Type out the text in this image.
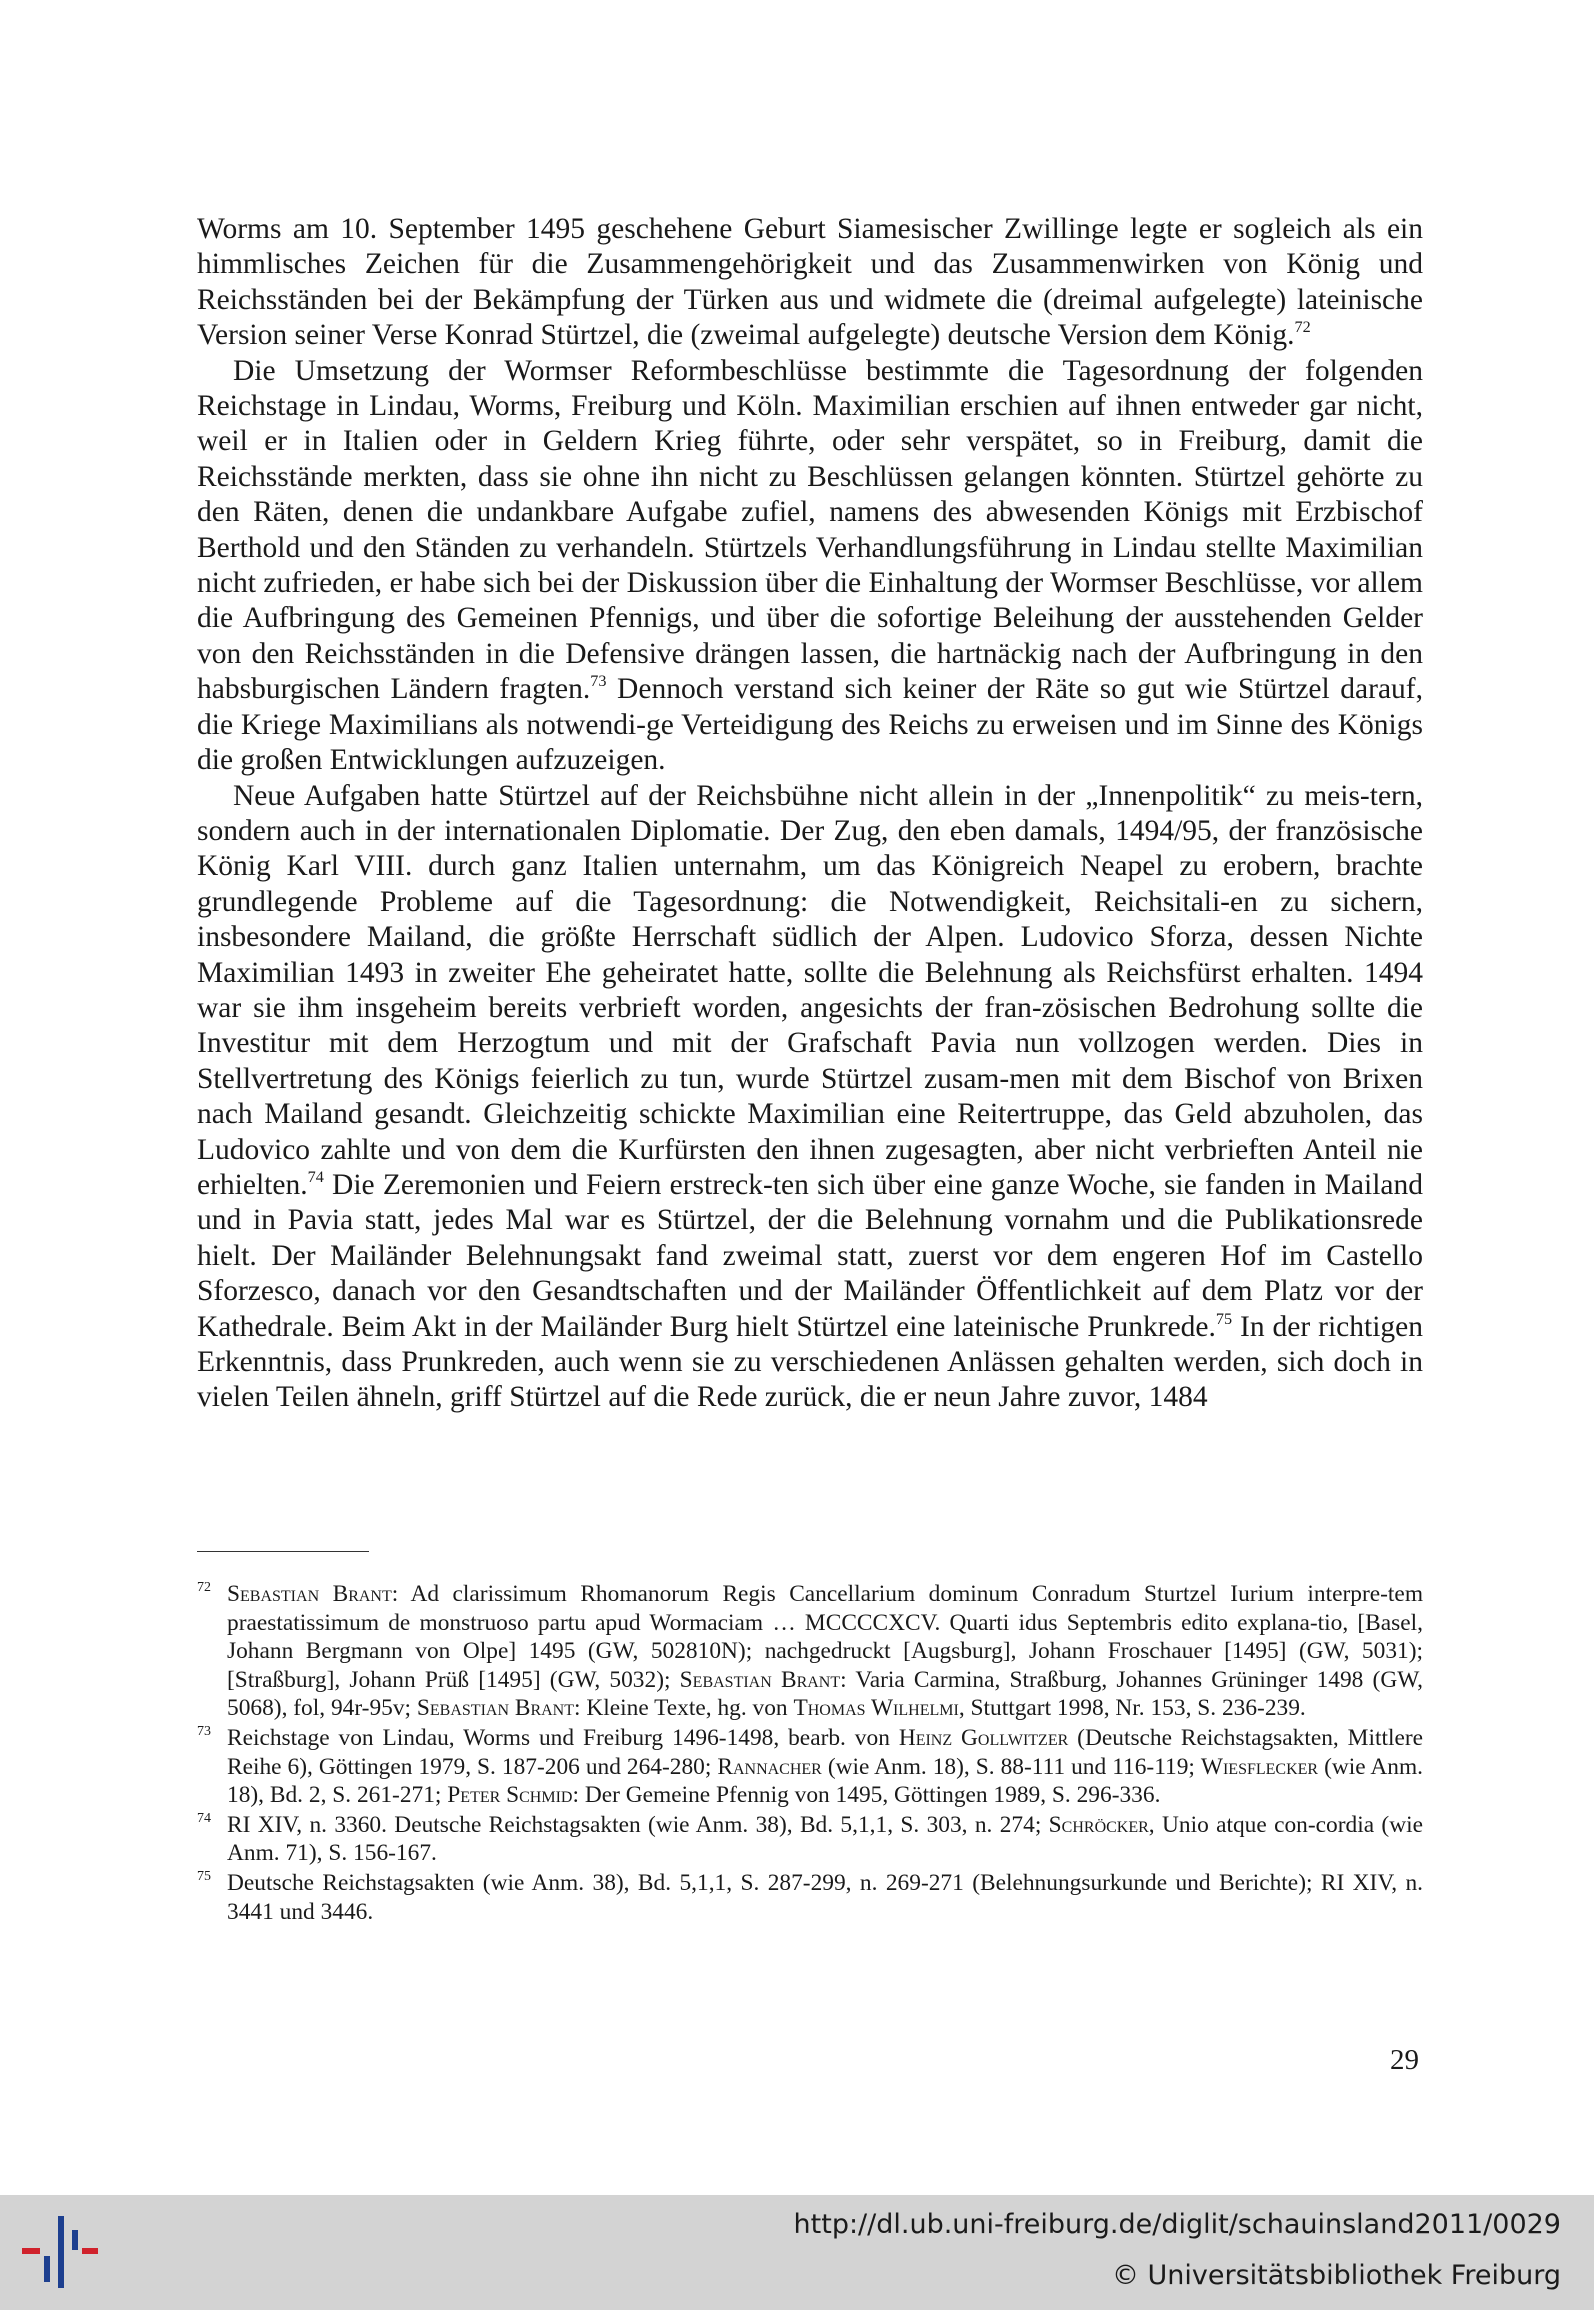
Worms am 10. September 1495 geschehene Geburt Siamesischer Zwillinge legte er sogleich als ein himmlisches Zeichen für die Zusammengehörigkeit und das Zusammenwirken von König und Reichsständen bei der Bekämpfung der Türken aus und widmete die (dreimal aufgelegte) lateinische Version seiner Verse Konrad Stürtzel, die (zweimal aufgelegte) deutsche Version dem König.$^{72}$

Die Umsetzung der Wormser Reformbeschlüsse bestimmte die Tagesordnung der folgenden Reichstage in Lindau, Worms, Freiburg und Köln. Maximilian erschien auf ihnen entweder gar nicht, weil er in Italien oder in Geldern Krieg führte, oder sehr verspätet, so in Freiburg, damit die Reichsstände merkten, dass sie ohne ihn nicht zu Beschlüssen gelangen könnten. Stürtzel gehörte zu den Räten, denen die undankbare Aufgabe zufiel, namens des abwesenden Königs mit Erzbischof Berthold und den Ständen zu verhandeln. Stürtzels Verhandlungsführung in Lindau stellte Maximilian nicht zufrieden, er habe sich bei der Diskussion über die Einhaltung der Wormser Beschlüsse, vor allem die Aufbringung des Gemeinen Pfennigs, und über die sofortige Beleihung der ausstehenden Gelder von den Reichsständen in die Defensive drängen lassen, die hartnäckig nach der Aufbringung in den habsburgischen Ländern fragten.$^{73}$ Dennoch verstand sich keiner der Räte so gut wie Stürtzel darauf, die Kriege Maximilians als notwendi-ge Verteidigung des Reichs zu erweisen und im Sinne des Königs die großen Entwicklungen aufzuzeigen.

Neue Aufgaben hatte Stürtzel auf der Reichsbühne nicht allein in der „Innenpolitik“ zu meis-tern, sondern auch in der internationalen Diplomatie. Der Zug, den eben damals, 1494/95, der französische König Karl VIII. durch ganz Italien unternahm, um das Königreich Neapel zu erobern, brachte grundlegende Probleme auf die Tagesordnung: die Notwendigkeit, Reichsitali-en zu sichern, insbesondere Mailand, die größte Herrschaft südlich der Alpen. Ludovico Sforza, dessen Nichte Maximilian 1493 in zweiter Ehe geheiratet hatte, sollte die Belehnung als Reichsfürst erhalten. 1494 war sie ihm insgeheim bereits verbrieft worden, angesichts der fran-zösischen Bedrohung sollte die Investitur mit dem Herzogtum und mit der Grafschaft Pavia nun vollzogen werden. Dies in Stellvertretung des Königs feierlich zu tun, wurde Stürtzel zusam-men mit dem Bischof von Brixen nach Mailand gesandt. Gleichzeitig schickte Maximilian eine Reitertruppe, das Geld abzuholen, das Ludovico zahlte und von dem die Kurfürsten den ihnen zugesagten, aber nicht verbrieften Anteil nie erhielten.$^{74}$ Die Zeremonien und Feiern erstreck-ten sich über eine ganze Woche, sie fanden in Mailand und in Pavia statt, jedes Mal war es Stürtzel, der die Belehnung vornahm und die Publikationsrede hielt. Der Mailänder Belehnungsakt fand zweimal statt, zuerst vor dem engeren Hof im Castello Sforzesco, danach vor den Gesandtschaften und der Mailänder Öffentlichkeit auf dem Platz vor der Kathedrale. Beim Akt in der Mailänder Burg hielt Stürtzel eine lateinische Prunkrede.$^{75}$ In der richtigen Erkenntnis, dass Prunkreden, auch wenn sie zu verschiedenen Anlässen gehalten werden, sich doch in vielen Teilen ähneln, griff Stürtzel auf die Rede zurück, die er neun Jahre zuvor, 1484

72 Sebastian Brant: Ad clarissimum Rhomanorum Regis Cancellarium dominum Conradum Sturtzel Iurium interpre-tem praestatissimum de monstruoso partu apud Wormaciam … MCCCCXCV. Quarti idus Septembris edito explana-tio, [Basel, Johann Bergmann von Olpe] 1495 (GW, 502810N); nachgedruckt [Augsburg], Johann Froschauer [1495] (GW, 5031); [Straßburg], Johann Prüß [1495] (GW, 5032); Sebastian Brant: Varia Carmina, Straßburg, Johannes Grüninger 1498 (GW, 5068), fol, 94r-95v; Sebastian Brant: Kleine Texte, hg. von Thomas Wilhelmi, Stuttgart 1998, Nr. 153, S. 236-239.
73 Reichstage von Lindau, Worms und Freiburg 1496-1498, bearb. von Heinz Gollwitzer (Deutsche Reichstagsakten, Mittlere Reihe 6), Göttingen 1979, S. 187-206 und 264-280; Rannacher (wie Anm. 18), S. 88-111 und 116-119; Wiesflecker (wie Anm. 18), Bd. 2, S. 261-271; Peter Schmid: Der Gemeine Pfennig von 1495, Göttingen 1989, S. 296-336.
74 RI XIV, n. 3360. Deutsche Reichstagsakten (wie Anm. 38), Bd. 5,1,1, S. 303, n. 274; Schröcker, Unio atque con-cordia (wie Anm. 71), S. 156-167.
75 Deutsche Reichstagsakten (wie Anm. 38), Bd. 5,1,1, S. 287-299, n. 269-271 (Belehnungsurkunde und Berichte); RI XIV, n. 3441 und 3446.
29
http://dl.ub.uni-freiburg.de/diglit/schauinsland2011/0029
© Universitätsbibliothek Freiburg
